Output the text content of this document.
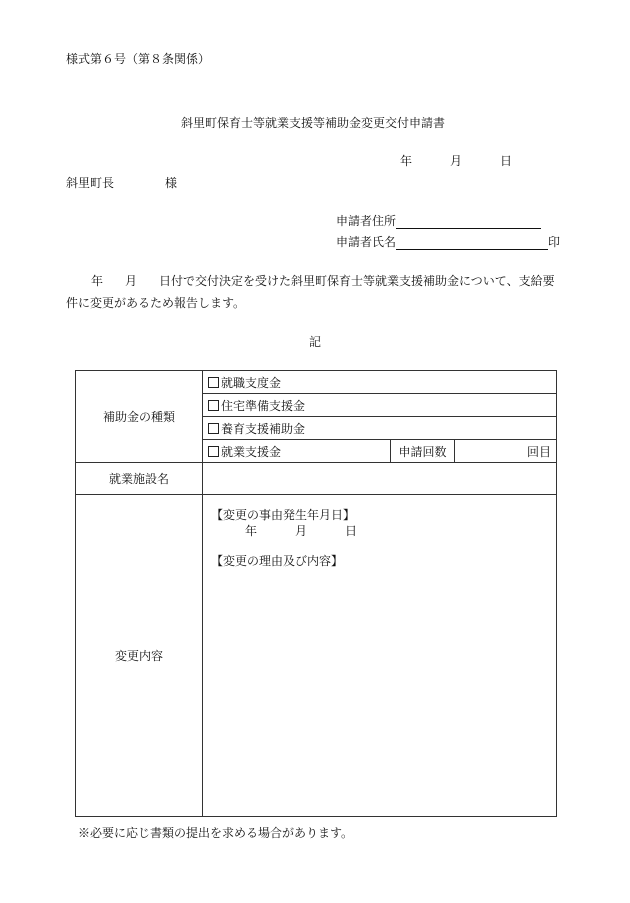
様式第６号（第８条関係）
斜里町保育士等就業支援等補助金変更交付申請書
年	月	日
斜里町長	様
申請者住所
申請者氏名	印
年 月 日付で交付決定を受けた斜里町保育士等就業支援補助金について、支給要
件に変更があるため報告します。
記
補助金の種類	就職支度金		
	住宅準備支援金		
	養育支援補助金		
	就業支援金	申請回数	回目
就業施設名			
変更内容	【変更の事由発生年月日】
年 月 日
【変更の理由及び内容】		
※必要に応じ書類の提出を求める場合があります。
